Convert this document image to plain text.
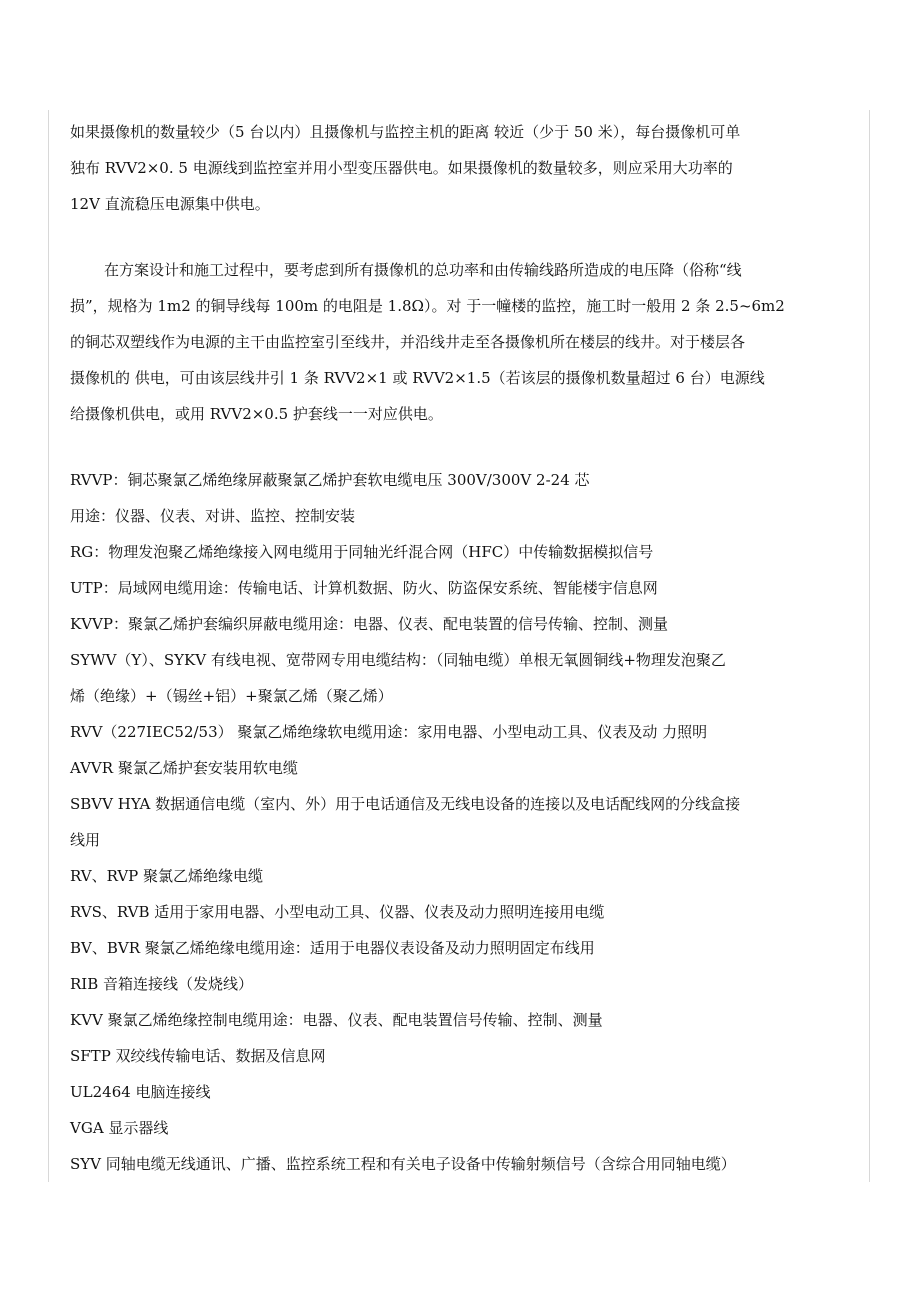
如果摄像机的数量较少（5 台以内）且摄像机与监控主机的距离 较近（少于 50 米），每台摄像机可单
独布 RVV2×0. 5 电源线到监控室并用小型变压器供电。如果摄像机的数量较多，则应采用大功率的
12V 直流稳压电源集中供电。

在方案设计和施工过程中，要考虑到所有摄像机的总功率和由传输线路所造成的电压降（俗称“线
损”，规格为 1m2 的铜导线每 100m 的电阻是 1.8Ω）。对 于一幢楼的监控，施工时一般用 2 条 2.5~6m2
的铜芯双塑线作为电源的主干由监控室引至线井，并沿线井走至各摄像机所在楼层的线井。对于楼层各
摄像机的 供电，可由该层线井引 1 条 RVV2×1 或 RVV2×1.5（若该层的摄像机数量超过 6 台）电源线
给摄像机供电，或用 RVV2×0.5 护套线一一对应供电。

RVVP：铜芯聚氯乙烯绝缘屏蔽聚氯乙烯护套软电缆电压 300V/300V 2-24 芯
用途：仪器、仪表、对讲、监控、控制安装
RG：物理发泡聚乙烯绝缘接入网电缆用于同轴光纤混合网（HFC）中传输数据模拟信号
UTP：局域网电缆用途：传输电话、计算机数据、防火、防盗保安系统、智能楼宇信息网
KVVP：聚氯乙烯护套编织屏蔽电缆用途：电器、仪表、配电装置的信号传输、控制、测量
SYWV（Y）、SYKV 有线电视、宽带网专用电缆结构：（同轴电缆）单根无氧圆铜线+物理发泡聚乙
烯（绝缘）+（锡丝+铝）+聚氯乙烯（聚乙烯）
RVV（227IEC52/53） 聚氯乙烯绝缘软电缆用途：家用电器、小型电动工具、仪表及动 力照明
AVVR 聚氯乙烯护套安装用软电缆
SBVV HYA 数据通信电缆（室内、外）用于电话通信及无线电设备的连接以及电话配线网的分线盒接
线用
RV、RVP 聚氯乙烯绝缘电缆
RVS、RVB 适用于家用电器、小型电动工具、仪器、仪表及动力照明连接用电缆
BV、BVR 聚氯乙烯绝缘电缆用途：适用于电器仪表设备及动力照明固定布线用
RIB 音箱连接线（发烧线）
KVV 聚氯乙烯绝缘控制电缆用途：电器、仪表、配电装置信号传输、控制、测量
SFTP 双绞线传输电话、数据及信息网
UL2464 电脑连接线
VGA 显示器线
SYV 同轴电缆无线通讯、广播、监控系统工程和有关电子设备中传输射频信号（含综合用同轴电缆）
